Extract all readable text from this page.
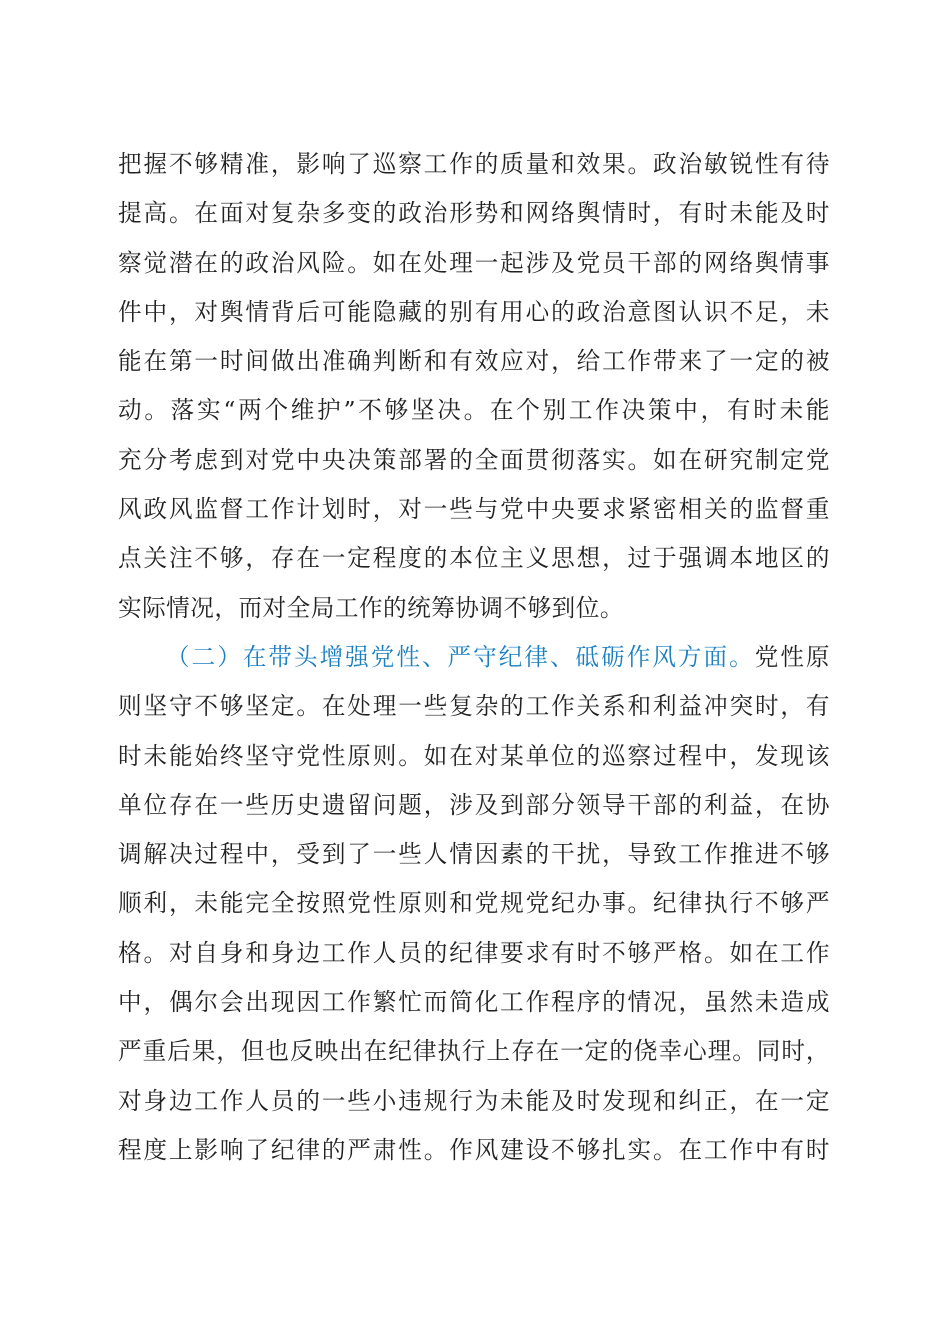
把握不够精准，影响了巡察工作的质量和效果。政治敏锐性有待
提高。在面对复杂多变的政治形势和网络舆情时，有时未能及时
察觉潜在的政治风险。如在处理一起涉及党员干部的网络舆情事
件中，对舆情背后可能隐藏的别有用心的政治意图认识不足，未
能在第一时间做出准确判断和有效应对，给工作带来了一定的被
动。落实“两个维护”不够坚决。在个别工作决策中，有时未能
充分考虑到对党中央决策部署的全面贯彻落实。如在研究制定党
风政风监督工作计划时，对一些与党中央要求紧密相关的监督重
点关注不够，存在一定程度的本位主义思想，过于强调本地区的
实际情况，而对全局工作的统筹协调不够到位。
（二）在带头增强党性、严守纪律、砥砺作风方面。党性原
则坚守不够坚定。在处理一些复杂的工作关系和利益冲突时，有
时未能始终坚守党性原则。如在对某单位的巡察过程中，发现该
单位存在一些历史遗留问题，涉及到部分领导干部的利益，在协
调解决过程中，受到了一些人情因素的干扰，导致工作推进不够
顺利，未能完全按照党性原则和党规党纪办事。纪律执行不够严
格。对自身和身边工作人员的纪律要求有时不够严格。如在工作
中，偶尔会出现因工作繁忙而简化工作程序的情况，虽然未造成
严重后果，但也反映出在纪律执行上存在一定的侥幸心理。同时，
对身边工作人员的一些小违规行为未能及时发现和纠正，在一定
程度上影响了纪律的严肃性。作风建设不够扎实。在工作中有时
